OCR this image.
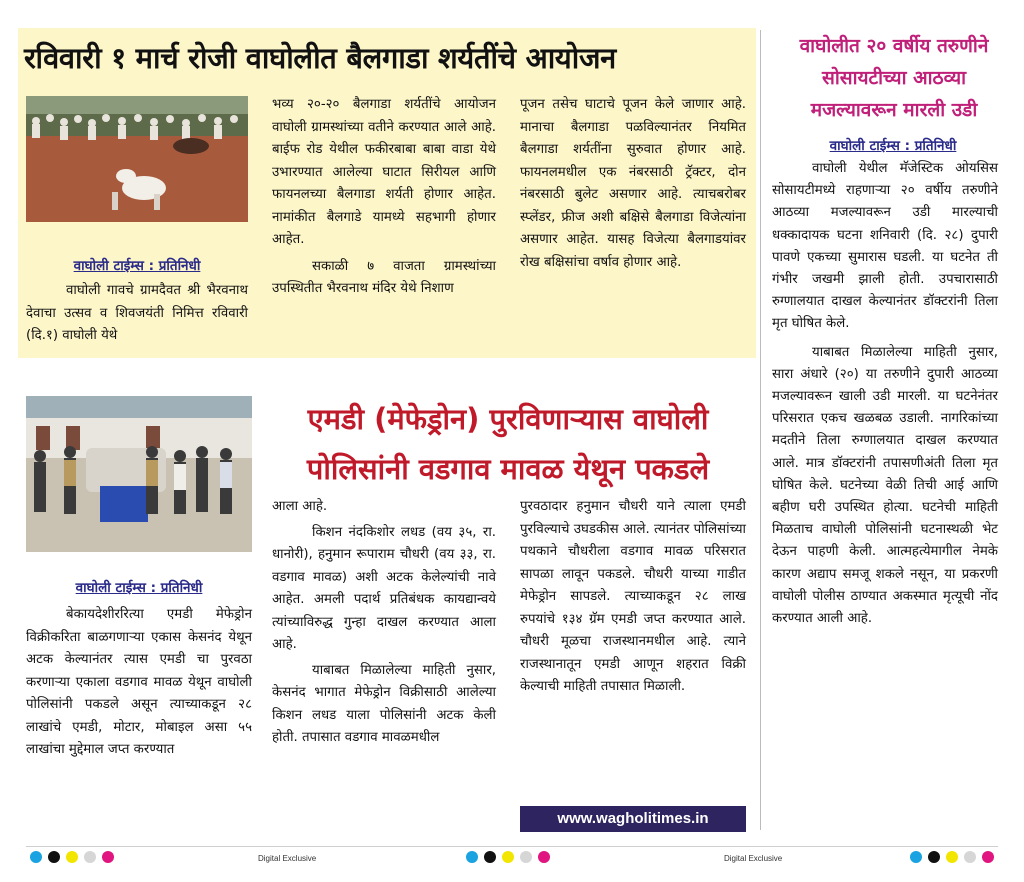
रविवारी १ मार्च रोजी वाघोलीत बैलगाडा शर्यतींचे आयोजन
वाघोली टाईम्स : प्रतिनिधी

वाघोली गावचे ग्रामदैवत श्री भैरवनाथ देवाचा उत्सव व शिवजयंती निमित्त रविवारी (दि.१) वाघोली येथे

भव्य २०-२० बैलगाडा शर्यतींचे आयोजन वाघोली ग्रामस्थांच्या वतीने करण्यात आले आहे. बाईफ रोड येथील फकीरबाबा बाबा वाडा येथे उभारण्यात आलेल्या घाटात सिरीयल आणि फायनलच्या बैलगाडा शर्यती होणार आहेत. नामांकीत बैलगाडे यामध्ये सहभागी होणार आहेत.

सकाळी ७ वाजता ग्रामस्थांच्या उपस्थितीत भैरवनाथ मंदिर येथे निशाण

पूजन तसेच घाटाचे पूजन केले जाणार आहे. मानाचा बैलगाडा पळविल्यानंतर नियमित बैलगाडा शर्यतींना सुरुवात होणार आहे. फायनलमधील एक नंबरसाठी ट्रॅक्टर, दोन नंबरसाठी बुलेट असणार आहे. त्याचबरोबर स्प्लेंडर, फ्रीज अशी बक्षिसे बैलगाडा विजेत्यांना असणार आहेत. यासह विजेत्या बैलगाडयांवर रोख बक्षिसांचा वर्षाव होणार आहे.

एमडी (मेफेड्रोन) पुरविणाऱ्यास वाघोली
पोलिसांनी वडगाव मावळ येथून पकडले
वाघोली टाईम्स : प्रतिनिधी

बेकायदेशीररित्या एमडी मेफेड्रोन विक्रीकरिता बाळगणाऱ्या एकास केसनंद येथून अटक केल्यानंतर त्यास एमडी चा पुरवठा करणाऱ्या एकाला वडगाव मावळ येथून वाघोली पोलिसांनी पकडले असून त्याच्याकडून २८ लाखांचे एमडी, मोटार, मोबाइल असा ५५ लाखांचा मुद्देमाल जप्त करण्यात

आला आहे.

किशन नंदकिशोर लधड (वय ३५, रा. धानोरी), हनुमान रूपाराम चौधरी (वय ३३, रा. वडगाव मावळ) अशी अटक केलेल्यांची नावे आहेत. अमली पदार्थ प्रतिबंधक कायद्यान्वये त्यांच्याविरुद्ध गुन्हा दाखल करण्यात आला आहे.

याबाबत मिळालेल्या माहिती नुसार, केसनंद भागात मेफेड्रोन विक्रीसाठी आलेल्या किशन लधड याला पोलिसांनी अटक केली होती. तपासात वडगाव मावळमधील

पुरवठादार हनुमान चौधरी याने त्याला एमडी पुरविल्याचे उघडकीस आले. त्यानंतर पोलिसांच्या पथकाने चौधरीला वडगाव मावळ परिसरात सापळा लावून पकडले. चौधरी याच्या गाडीत मेफेड्रोन सापडले. त्याच्याकडून २८ लाख रुपयांचे १३४ ग्रॅम एमडी जप्त करण्यात आले. चौधरी मूळचा राजस्थानमधील आहे. त्याने राजस्थानातून एमडी आणून शहरात विक्री केल्याची माहिती तपासात मिळाली.

www.wagholitimes.in
वाघोलीत २० वर्षीय तरुणीने
सोसायटीच्या आठव्या
मजल्यावरून मारली उडी
वाघोली टाईम्स : प्रतिनिधी

वाघोली येथील मॅजेस्टिक ओयसिस सोसायटीमध्ये राहणाऱ्या २० वर्षीय तरुणीने आठव्या मजल्यावरून उडी मारल्याची धक्कादायक घटना शनिवारी (दि. २८) दुपारी पावणे एकच्या सुमारास घडली. या घटनेत ती गंभीर जखमी झाली होती. उपचारासाठी रुग्णालयात दाखल केल्यानंतर डॉक्टरांनी तिला मृत घोषित केले.

याबाबत मिळालेल्या माहिती नुसार, सारा अंधारे (२०) या तरुणीने दुपारी आठव्या मजल्यावरून खाली उडी मारली. या घटनेनंतर परिसरात एकच खळबळ उडाली. नागरिकांच्या मदतीने तिला रुग्णालयात दाखल करण्यात आले. मात्र डॉक्टरांनी तपासणीअंती तिला मृत घोषित केले. घटनेच्या वेळी तिची आई आणि बहीण घरी उपस्थित होत्या. घटनेची माहिती मिळताच वाघोली पोलिसांनी घटनास्थळी भेट देऊन पाहणी केली. आत्महत्येमागील नेमके कारण अद्याप समजू शकले नसून, या प्रकरणी वाघोली पोलीस ठाण्यात अकस्मात मृत्यूची नोंद करण्यात आली आहे.

Digital Exclusive	Digital Exclusive
